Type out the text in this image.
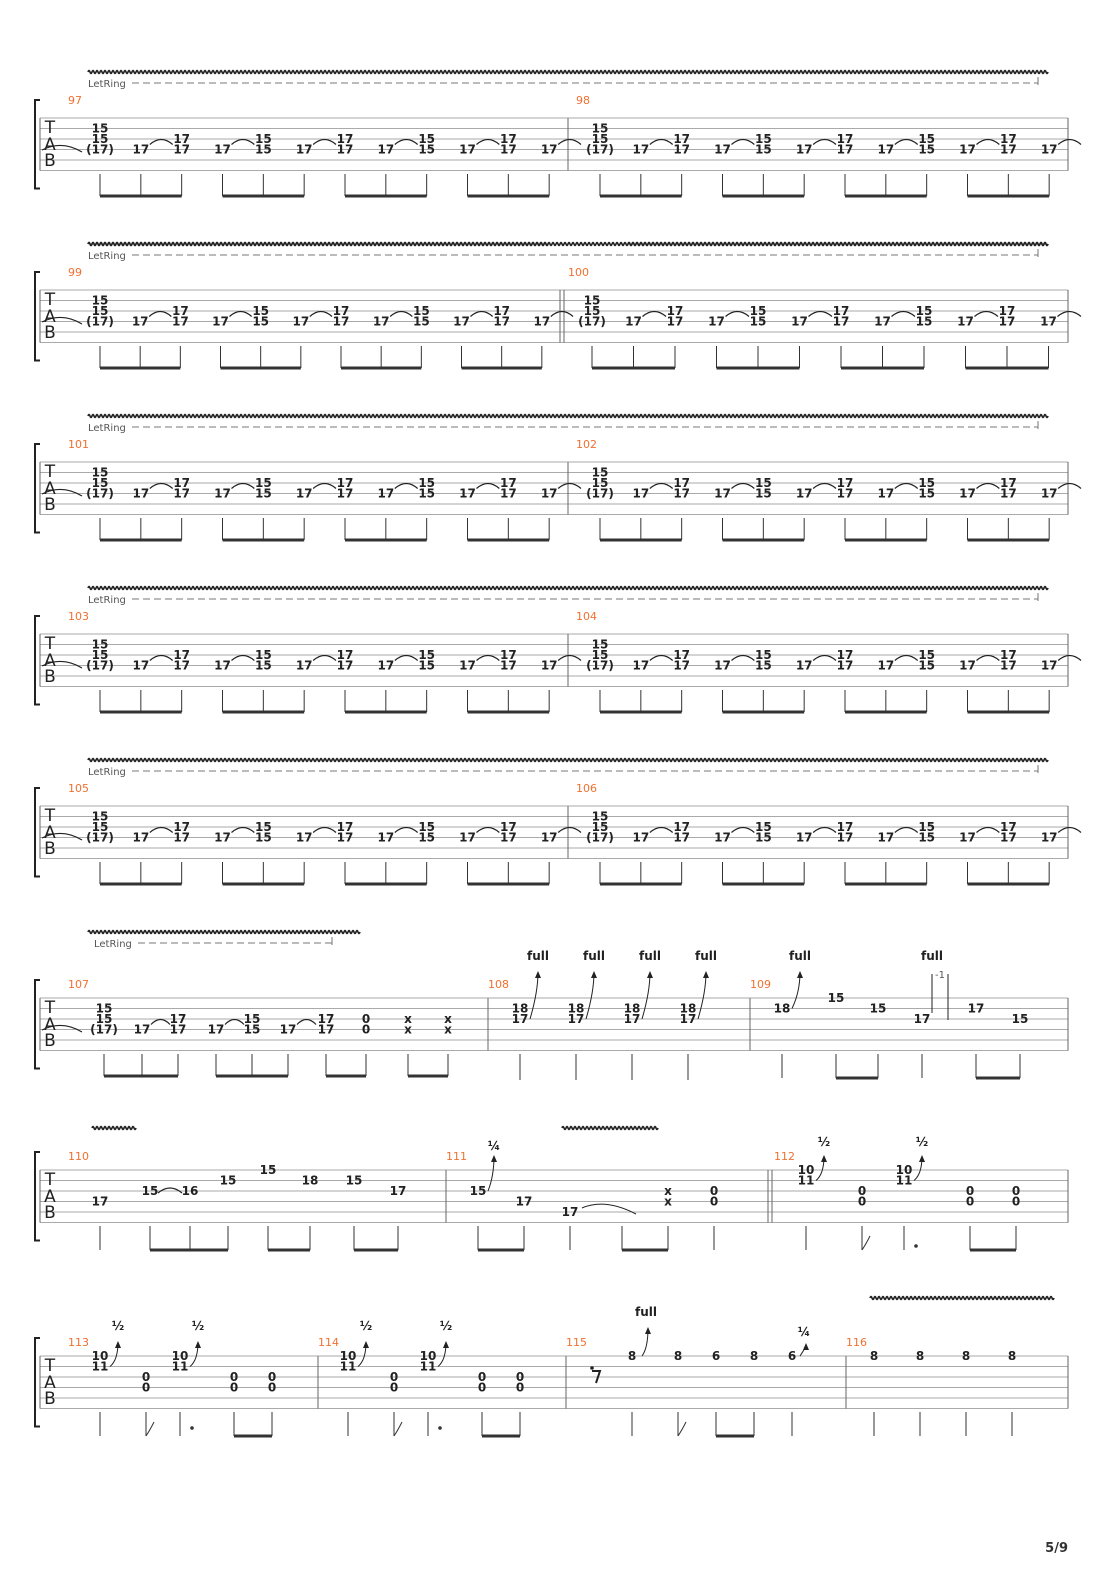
LetRing
T
A
B
97	98
15
15
(17) 17
17
17 17
15
15 17
17
17 17
15
15 17
17
17 17
15
15
(17) 17
17
17 17
15
15 17
17
17 17
15
15 17
17
17 17
LetRing
T
A
B
99	100
15
15
(17) 17
17
17 17
15
15 17
17
17 17
15
15 17
17
17 17
15
15
(17) 17
17
17 17
15
15 17
17
17 17
15
15 17
17
17 17
LetRing
T
A
B
101	102
15
15
(17) 17
17
17 17
15
15 17
17
17 17
15
15 17
17
17 17
15
15
(17) 17
17
17 17
15
15 17
17
17 17
15
15 17
17
17 17
LetRing
T
A
B
103	104
15
15
(17) 17
17
17 17
15
15 17
17
17 17
15
15 17
17
17 17
15
15
(17) 17
17
17 17
15
15 17
17
17 17
15
15 17
17
17 17
LetRing
T
A
B
105	106
15
15
(17) 17
17
17 17
15
15 17
17
17 17
15
15 17
17
17 17
15
15
(17) 17
17
17 17
15
15 17
17
17 17
15
15 17
17
17 17
LetRing
T
A
B
107	108	109
15
15
(17) 17
17
17 17
15
15 17
17
17
0
0
x
x
x
x
18
17
full
18
17
full
18
17
full
18
17
full
18
full
15
15
17
-1
full
17
15
T
A
B
110	111	112
17
15 16
15
15
18 15
17	15
¼
17
17
x
x
0
0
10
11
0
0
10
11
0
0
0
0
½	½
T
A
B
113	114	115	116
10
11
0
0
10
11
0
0
0
0
½	½
10
11
0
0
10
11
0
0
0
0
½	½
8	8 6 8 6
full
¼
8	8	8	8
5/9
